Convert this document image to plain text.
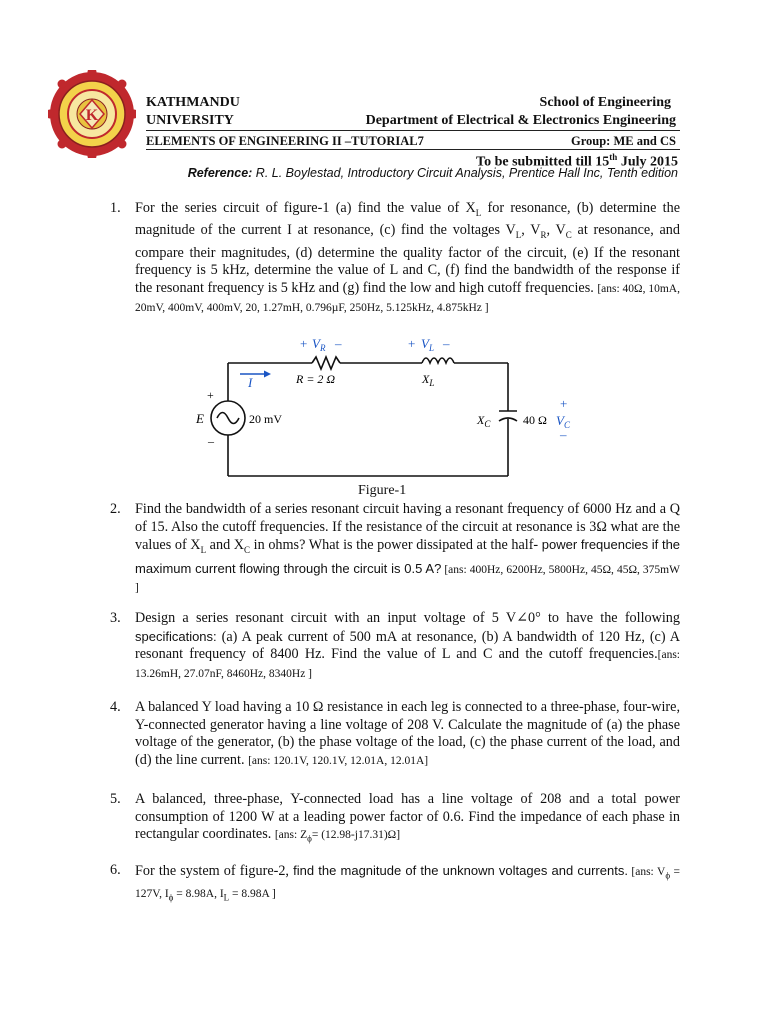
K
KATHMANDU
UNIVERSITY
School of Engineering
Department of Electrical & Electronics Engineering
ELEMENTS OF ENGINEERING II –TUTORIAL7	Group: ME and CS
To be submitted till 15th July 2015
Reference: R. L. Boylestad, Introductory Circuit Analysis, Prentice Hall Inc, Tenth edition
1.	For the series circuit of figure-1 (a) find the value of $X_L$ for resonance, (b) determine the magnitude of the current I at resonance, (c) find the voltages $V_L$, $V_R$, $V_C$ at resonance, and compare their magnitudes, (d) determine the quality factor of the circuit, (e) If the resonant frequency is 5 kHz, determine the value of L and C, (f) find the bandwidth of the response if the resonant frequency is 5 kHz and (g) find the low and high cutoff frequencies. [ans: 40Ω, 10mA, 20mV, 400mV, 400mV, 20, 1.27mH, 0.796µF, 250Hz, 5.125kHz, 4.875kHz ]
+ $V_R$ –	+ $V_L$ –
R = 2 Ω	$X_L$
I
+
E
–
20 mV	$X_C$	40 Ω
+
$V_C$
–
Figure-1
2.	Find the bandwidth of a series resonant circuit having a resonant frequency of 6000 Hz and a Q of 15. Also the cutoff frequencies. If the resistance of the circuit at resonance is 3Ω what are the values of $X_L$ and $X_C$ in ohms? What is the power dissipated at the half- power frequencies if the maximum current flowing through the circuit is 0.5 A? [ans: 400Hz, 6200Hz, 5800Hz, 45Ω, 45Ω, 375mW ]
3.	Design a series resonant circuit with an input voltage of 5 V∠0° to have the following specifications: (a) A peak current of 500 mA at resonance, (b) A bandwidth of 120 Hz, (c) A resonant frequency of 8400 Hz. Find the value of L and C and the cutoff frequencies.[ans: 13.26mH, 27.07nF, 8460Hz, 8340Hz ]
4.	A balanced Y load having a 10 Ω resistance in each leg is connected to a three-phase, four-wire, Y-connected generator having a line voltage of 208 V. Calculate the magnitude of (a) the phase voltage of the generator, (b) the phase voltage of the load, (c) the phase current of the load, and (d) the line current. [ans: 120.1V, 120.1V, 12.01A, 12.01A]
5.	A balanced, three-phase, Y-connected load has a line voltage of 208 and a total power consumption of 1200 W at a leading power factor of 0.6. Find the impedance of each phase in rectangular coordinates. [ans: $Z_\phi= (12.98-j17.31)\Omega$]
6.	For the system of figure-2, find the magnitude of the unknown voltages and currents. [ans: $V_\phi = 127V$, $I_\phi = 8.98A$, $I_L = 8.98A$ ]
